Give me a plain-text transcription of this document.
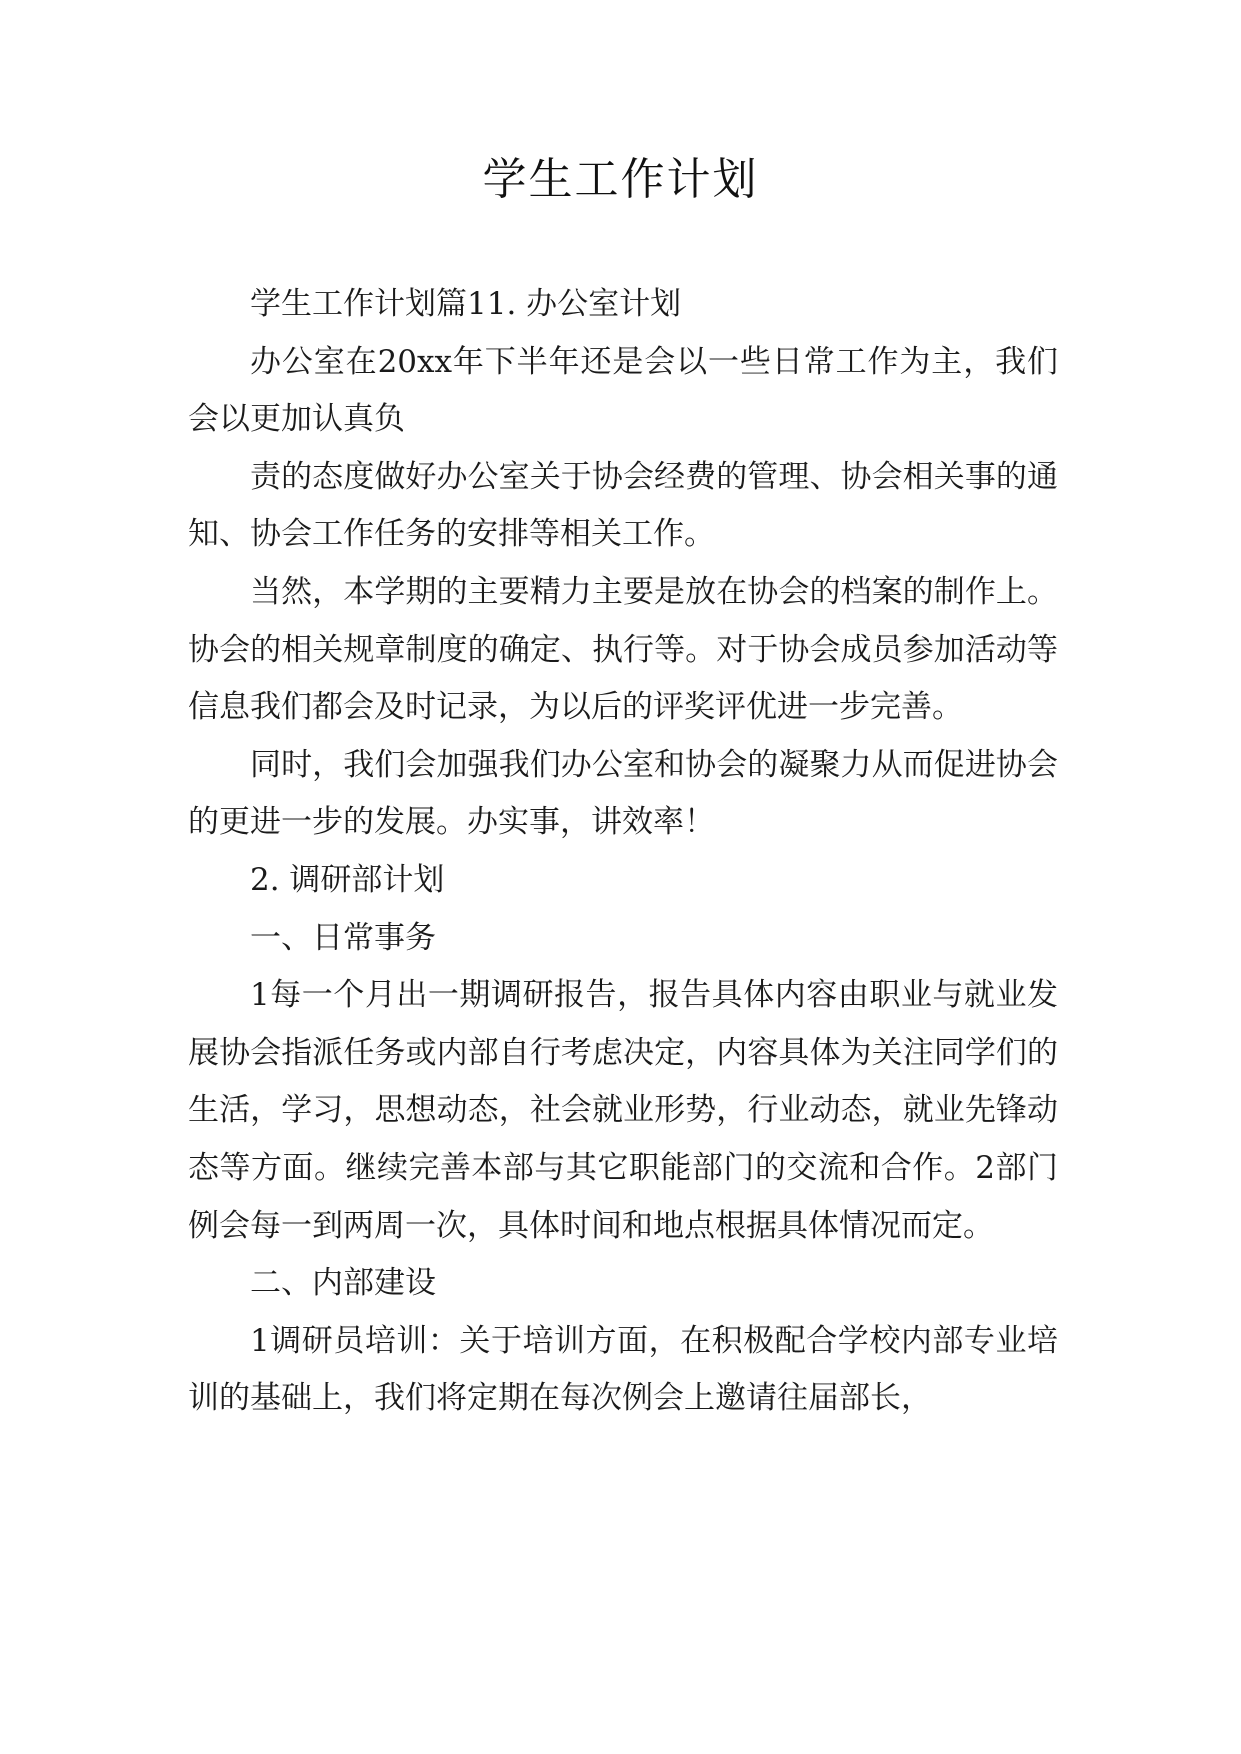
学生工作计划

学生工作计划篇11. 办公室计划

办公室在20xx年下半年还是会以一些日常工作为主，我们会以更加认真负

责的态度做好办公室关于协会经费的管理、协会相关事的通知、协会工作任务的安排等相关工作。

当然，本学期的主要精力主要是放在协会的档案的制作上。协会的相关规章制度的确定、执行等。对于协会成员参加活动等信息我们都会及时记录，为以后的评奖评优进一步完善。

同时，我们会加强我们办公室和协会的凝聚力从而促进协会的更进一步的发展。办实事，讲效率！

2. 调研部计划

一、日常事务

1每一个月出一期调研报告，报告具体内容由职业与就业发展协会指派任务或内部自行考虑决定，内容具体为关注同学们的生活，学习，思想动态，社会就业形势，行业动态，就业先锋动态等方面。继续完善本部与其它职能部门的交流和合作。2部门例会每一到两周一次，具体时间和地点根据具体情况而定。

二、内部建设

1调研员培训：关于培训方面，在积极配合学校内部专业培训的基础上，我们将定期在每次例会上邀请往届部长，
